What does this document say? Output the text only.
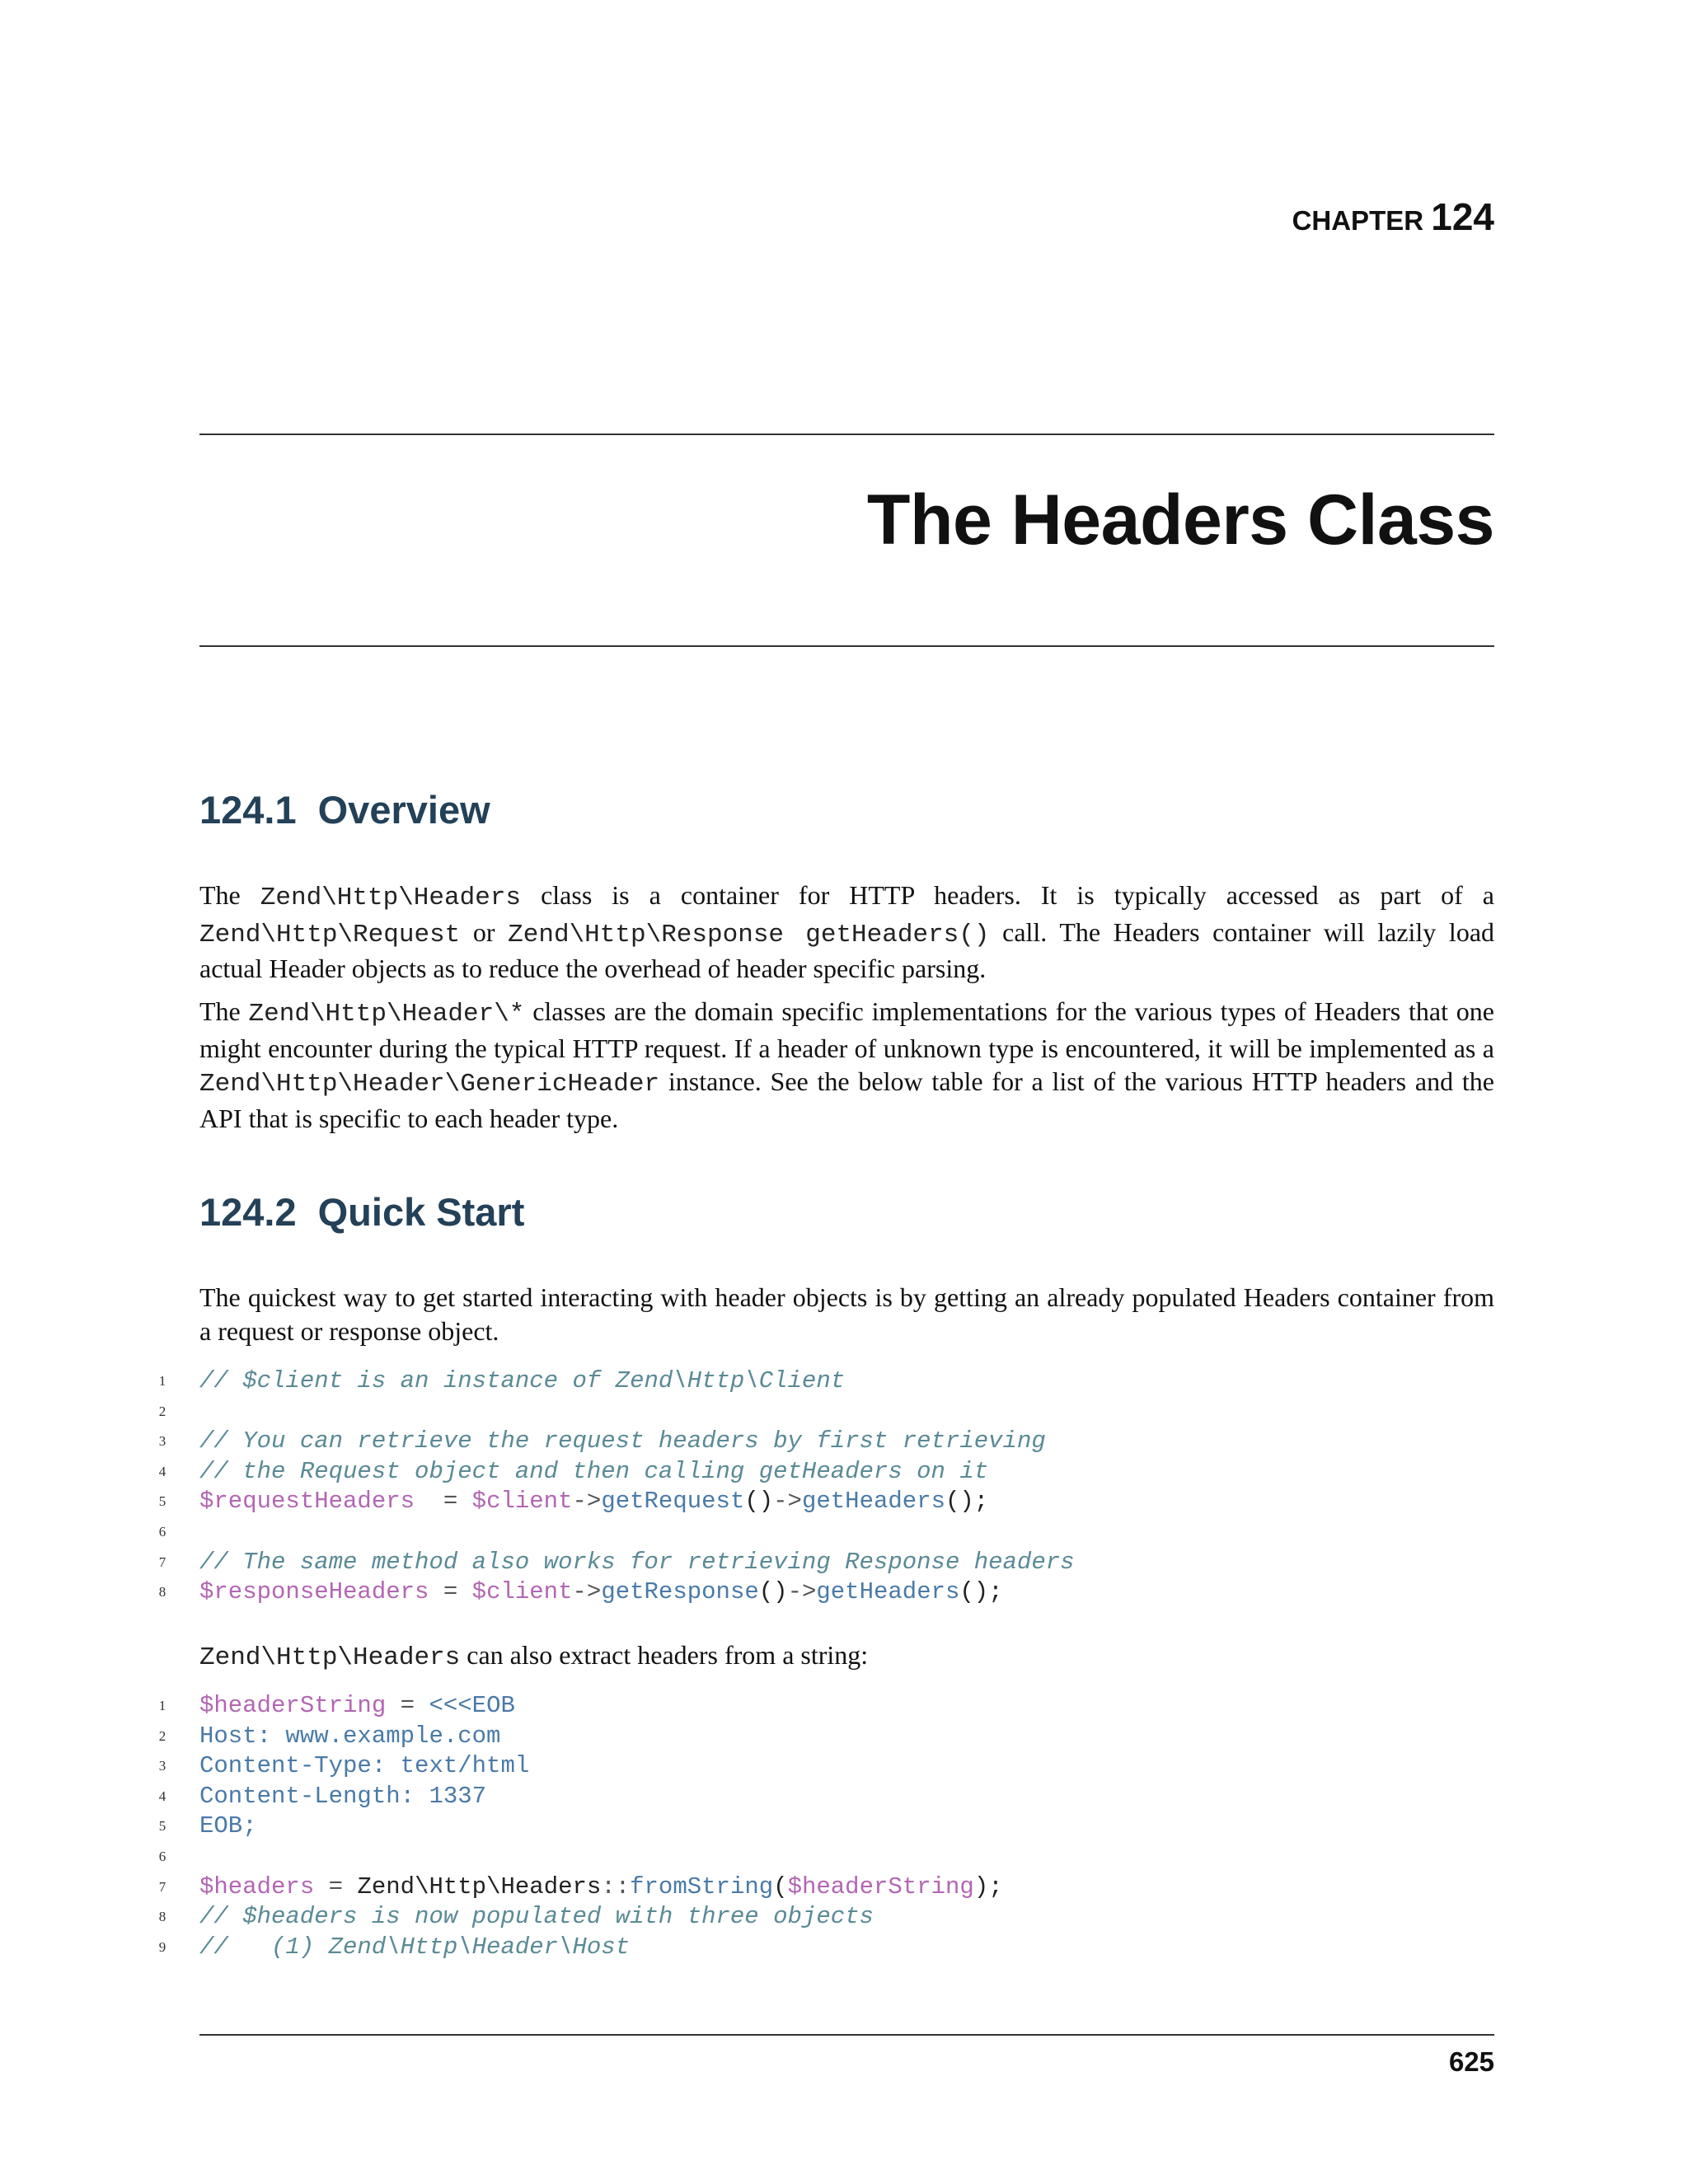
CHAPTER 124
The Headers Class
124.1 Overview

The Zend\Http\Headers class is a container for HTTP headers. It is typically accessed as part of a Zend\Http\Request or Zend\Http\Response getHeaders() call. The Headers container will lazily load actual Header objects as to reduce the overhead of header specific parsing.

The Zend\Http\Header\* classes are the domain specific implementations for the various types of Headers that one might encounter during the typical HTTP request. If a header of unknown type is encountered, it will be implemented as a Zend\Http\Header\GenericHeader instance. See the below table for a list of the various HTTP headers and the API that is specific to each header type.

124.2 Quick Start

The quickest way to get started interacting with header objects is by getting an already populated Headers container from a request or response object.

1 // $client is an instance of Zend\Http\Client
2
3 // You can retrieve the request headers by first retrieving
4 // the Request object and then calling getHeaders on it
5 $requestHeaders = $client->getRequest()->getHeaders();
6
7 // The same method also works for retrieving Response headers
8 $responseHeaders = $client->getResponse()->getHeaders();

Zend\Http\Headers can also extract headers from a string:

1 $headerString = <<<EOB
2 Host: www.example.com
3 Content-Type: text/html
4 Content-Length: 1337
5 EOB;
6
7 $headers = Zend\Http\Headers::fromString($headerString);
8 // $headers is now populated with three objects
9 //   (1) Zend\Http\Header\Host
625
